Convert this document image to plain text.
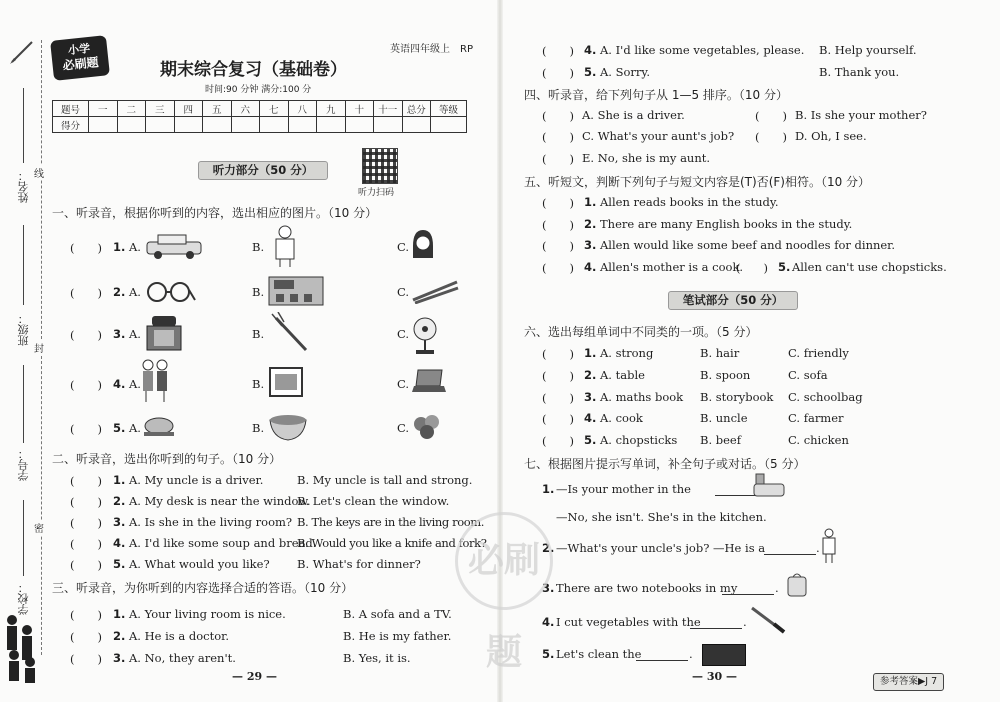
线
封
密
姓名：
班级：
学号：
学校：
小学
必刷题	期末综合复习（基础卷）
时间:90 分钟 满分:100 分
题号	一	二	三	四	五	六	七	八	九	十	十一	总分	等级
得分													
听力部分（50 分）
听力扫码
一、听录音，根据你听到的内容，选出相应的图片。（10 分）
(　　) 1. A.	B.	C.
(　　) 2. A.	B.	C.
(　　) 3. A.	B.	C.
(　　) 4. A.	B.	C.
(　　) 5. A.	B.	C.
二、听录音，选出你听到的句子。（10 分）
(　　) 1. A. My uncle is a driver.	B. My uncle is tall and strong.
(　　) 2. A. My desk is near the window.
B. Let's clean the window.
(　　) 3. A. Is she in the living room? B. The keys are in the living room.
(　　) 4. A. I'd like some soup and bread.
B. Would you like a knife and fork?
(　　) 5. A. What would you like? B. What's for dinner?
三、听录音，为你听到的内容选择合适的答语。（10 分）
(　　) 1. A. Your living room is nice.	B. A sofa and a TV.
(　　) 2. A. He is a doctor.	B. He is my father.
(　　) 3. A. No, they aren't.	B. Yes, it is.
— 29 —
英语四年级上　RP	(　　) 4. A. I'd like some vegetables, please. B. Help yourself.
(　　) 5. A. Sorry.	B. Thank you.
四、听录音，给下列句子从 1—5 排序。（10 分）
(　　) A. She is a driver.	(　　) B. Is she your mother?
(　　) C. What's your aunt's job? (　　) D. Oh, I see.
(　　) E. No, she is my aunt.
五、听短文，判断下列句子与短文内容是(T)否(F)相符。（10 分）
(　　) 1. Allen reads books in the study.
(　　) 2. There are many English books in the study.
(　　) 3. Allen would like some beef and noodles for dinner.
(　　) 4. Allen's mother is a cook.
(　　) 5. Allen can't use chopsticks.
笔试部分（50 分）
六、选出每组单词中不同类的一项。（5 分）
(　　) 1. A. strong	B. hair	C. friendly
(　　) 2. A. table	B. spoon	C. sofa
(　　) 3. A. maths book B. storybook C. schoolbag
(　　) 4. A. cook	B. uncle	C. farmer
(　　) 5. A. chopsticks B. beef	C. chicken
七、根据图片提示写单词，补全句子或对话。（5 分）
1. —Is your mother in the
—No, she isn't. She's in the kitchen.
2. —What's your uncle's job? —He is a	.
There are two notebooks in my
3.	.
4. I cut vegetables with the	.
5. Let's clean the	.
— 30 —
必刷题
参考答案▶J 7
